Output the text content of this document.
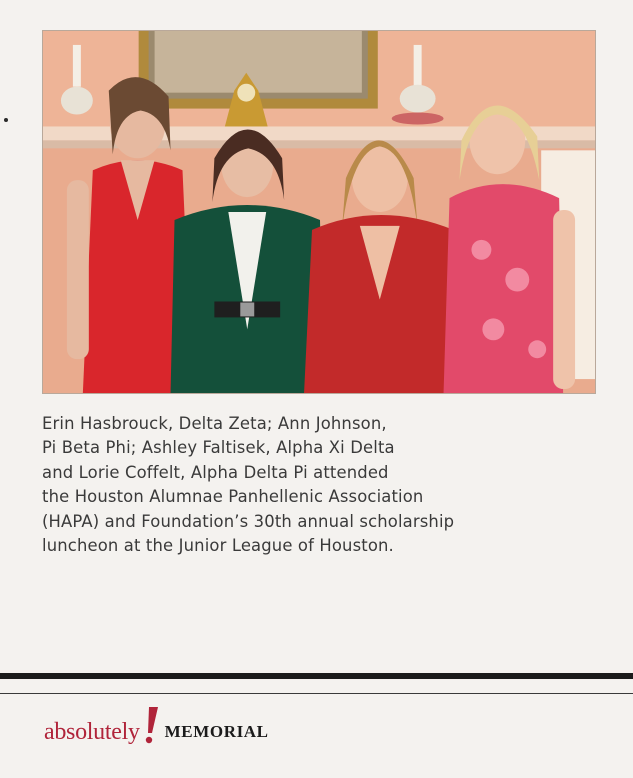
Erin Hasbrouck, Delta Zeta; Ann Johnson,
Pi Beta Phi; Ashley Faltisek, Alpha Xi Delta
and Lorie Coffelt, Alpha Delta Pi attended
the Houston Alumnae Panhellenic Association
(HAPA) and Foundation’s 30th annual scholarship
luncheon at the Junior League of Houston.
absolutely MEMORIAL
